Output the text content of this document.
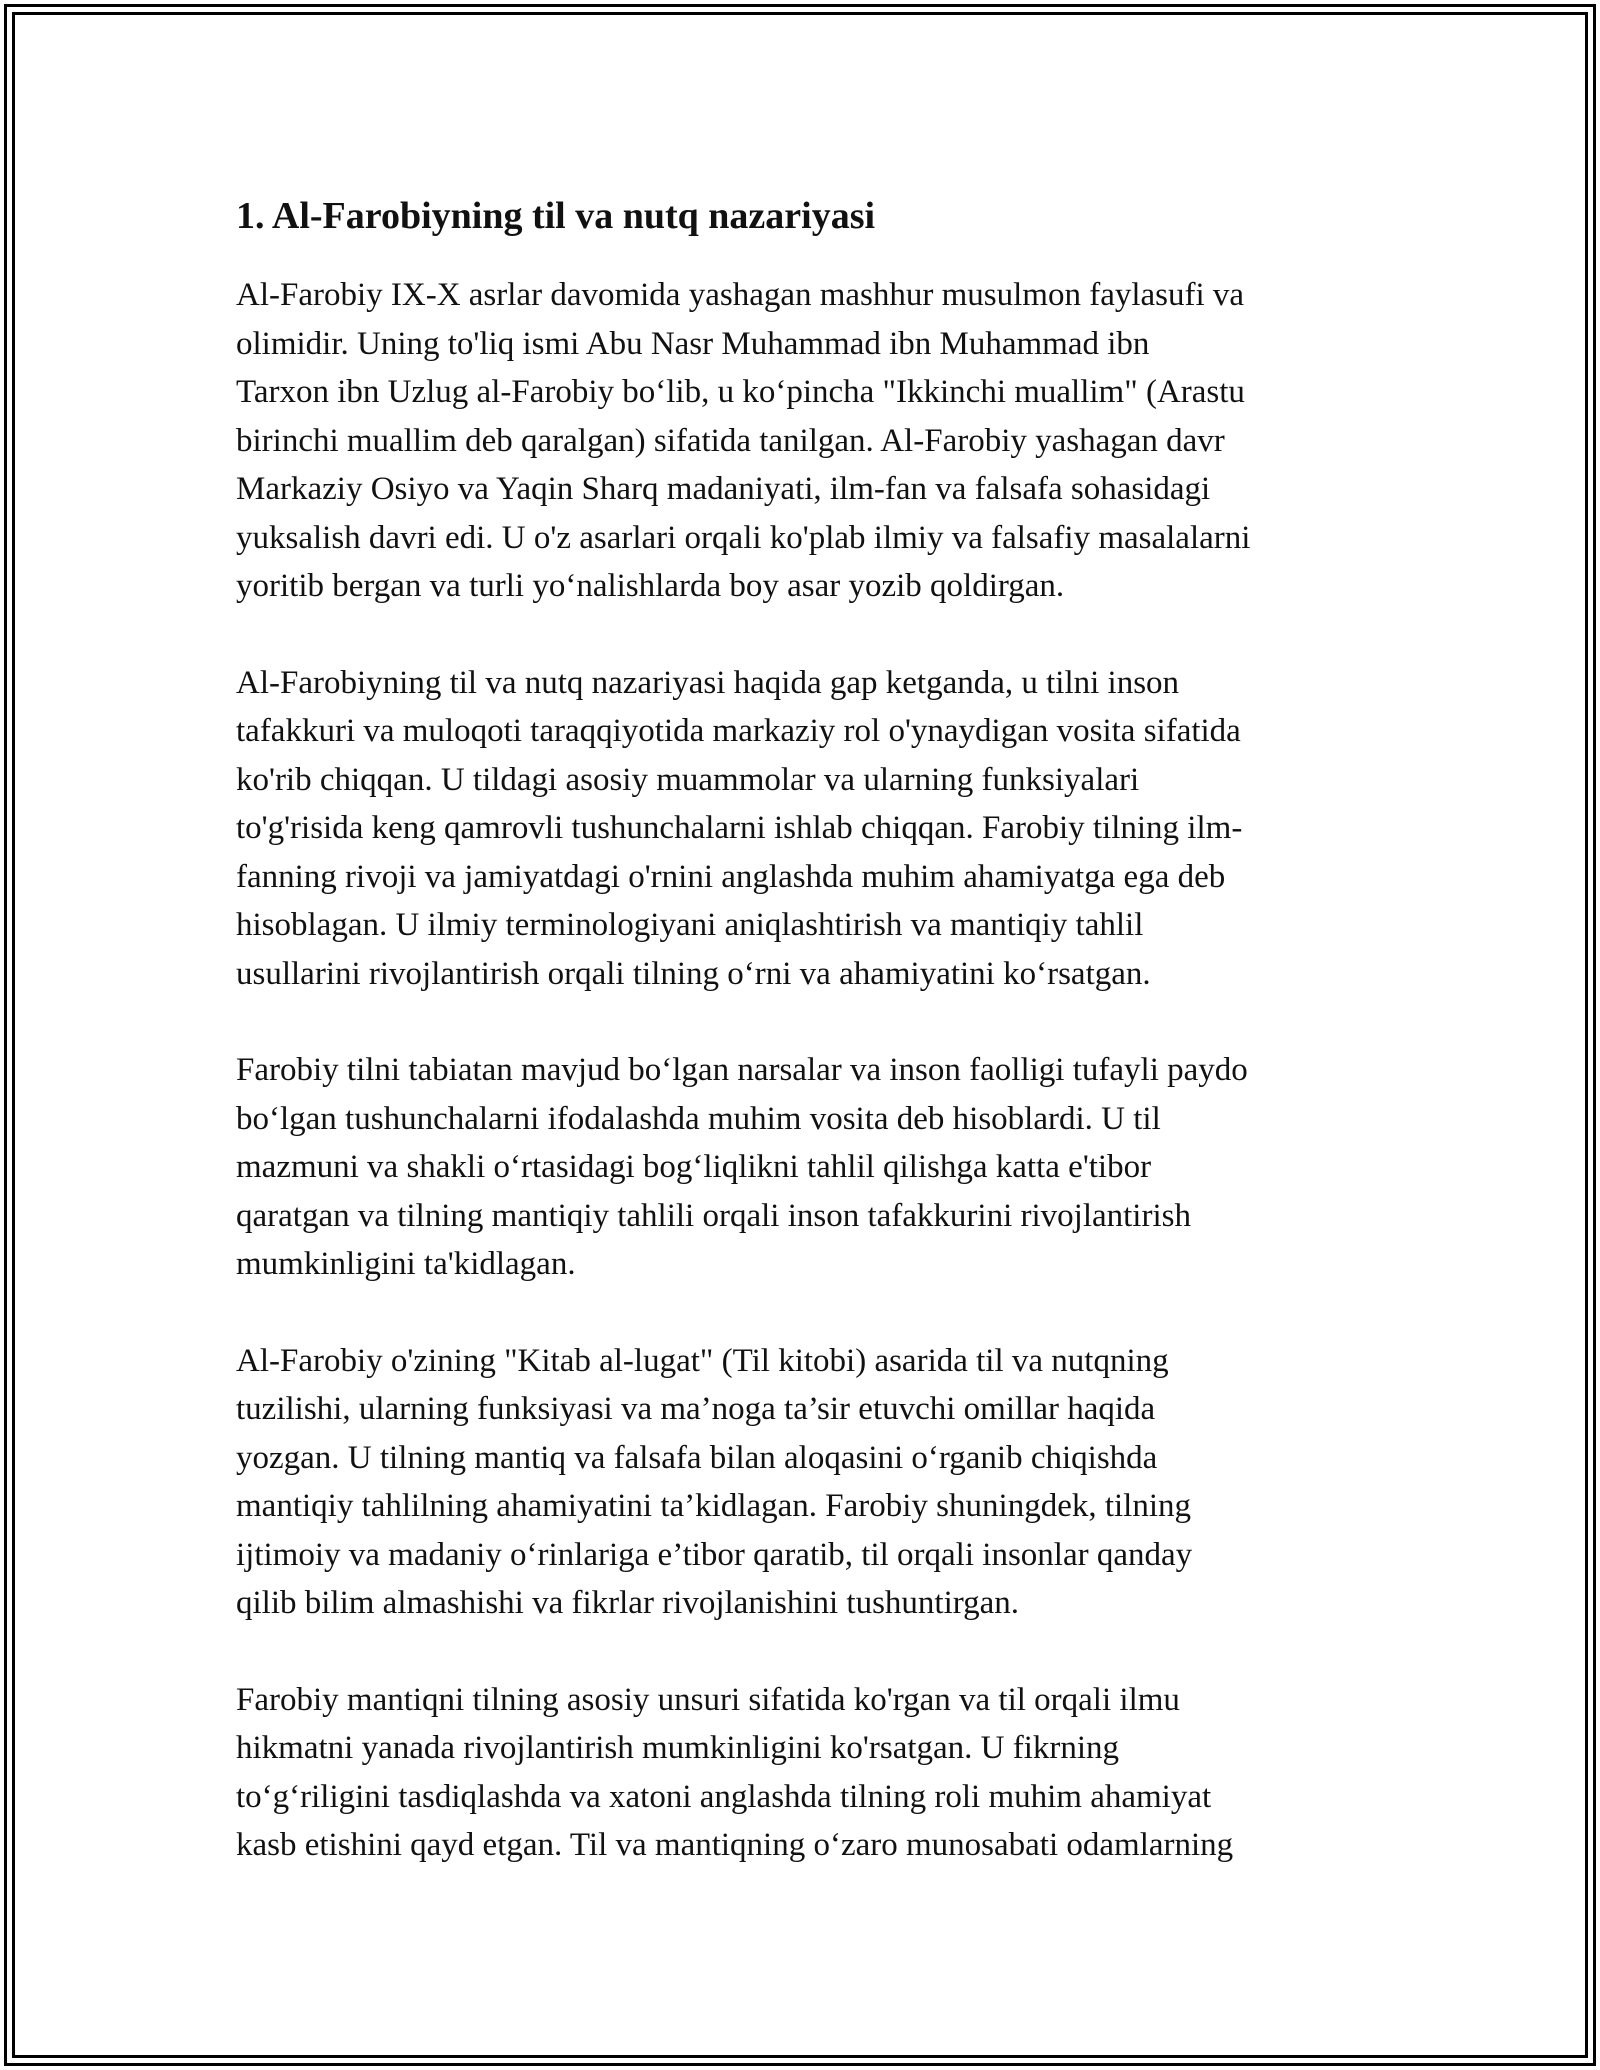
1. Al-Farobiyning til va nutq nazariyasi

Al-Farobiy IX-X asrlar davomida yashagan mashhur musulmon faylasufi va
olimidir. Uning to'liq ismi Abu Nasr Muhammad ibn Muhammad ibn
Tarxon ibn Uzlug al-Farobiy bo‘lib, u ko‘pincha "Ikkinchi muallim" (Arastu
birinchi muallim deb qaralgan) sifatida tanilgan. Al-Farobiy yashagan davr
Markaziy Osiyo va Yaqin Sharq madaniyati, ilm-fan va falsafa sohasidagi
yuksalish davri edi. U o'z asarlari orqali ko'plab ilmiy va falsafiy masalalarni
yoritib bergan va turli yo‘nalishlarda boy asar yozib qoldirgan.

Al-Farobiyning til va nutq nazariyasi haqida gap ketganda, u tilni inson
tafakkuri va muloqoti taraqqiyotida markaziy rol o'ynaydigan vosita sifatida
ko'rib chiqqan. U tildagi asosiy muammolar va ularning funksiyalari
to'g'risida keng qamrovli tushunchalarni ishlab chiqqan. Farobiy tilning ilm-
fanning rivoji va jamiyatdagi o'rnini anglashda muhim ahamiyatga ega deb
hisoblagan. U ilmiy terminologiyani aniqlashtirish va mantiqiy tahlil
usullarini rivojlantirish orqali tilning o‘rni va ahamiyatini ko‘rsatgan.

Farobiy tilni tabiatan mavjud bo‘lgan narsalar va inson faolligi tufayli paydo
bo‘lgan tushunchalarni ifodalashda muhim vosita deb hisoblardi. U til
mazmuni va shakli o‘rtasidagi bog‘liqlikni tahlil qilishga katta e'tibor
qaratgan va tilning mantiqiy tahlili orqali inson tafakkurini rivojlantirish
mumkinligini ta'kidlagan.

Al-Farobiy o'zining "Kitab al-lugat" (Til kitobi) asarida til va nutqning
tuzilishi, ularning funksiyasi va ma’noga ta’sir etuvchi omillar haqida
yozgan. U tilning mantiq va falsafa bilan aloqasini o‘rganib chiqishda
mantiqiy tahlilning ahamiyatini ta’kidlagan. Farobiy shuningdek, tilning
ijtimoiy va madaniy o‘rinlariga e’tibor qaratib, til orqali insonlar qanday
qilib bilim almashishi va fikrlar rivojlanishini tushuntirgan.

Farobiy mantiqni tilning asosiy unsuri sifatida ko'rgan va til orqali ilmu
hikmatni yanada rivojlantirish mumkinligini ko'rsatgan. U fikrning
to‘g‘riligini tasdiqlashda va xatoni anglashda tilning roli muhim ahamiyat
kasb etishini qayd etgan. Til va mantiqning o‘zaro munosabati odamlarning
